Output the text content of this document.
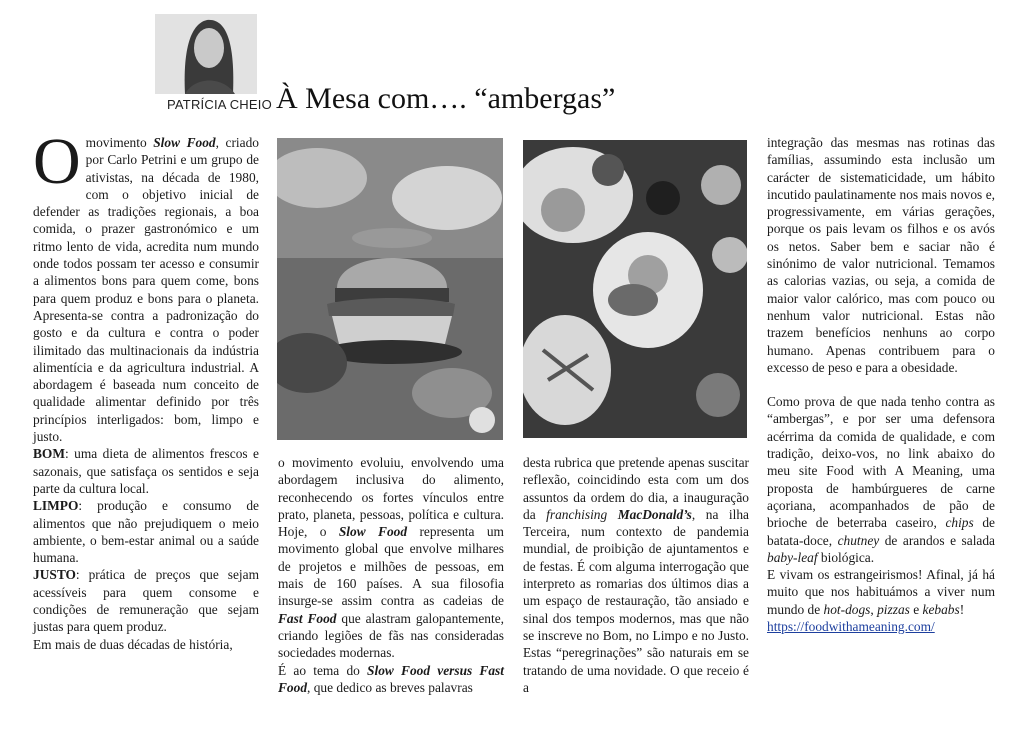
PATRÍCIA CHEIO À Mesa com…. “ambergas”

Omovimento Slow Food, criado por Carlo Petrini e um grupo de ativistas, na década de 1980, com o objetivo inicial de defender as tradições regionais, a boa comida, o prazer gastronómico e um ritmo lento de vida, acredita num mundo onde todos possam ter acesso e consumir a alimentos bons para quem come, bons para quem produz e bons para o planeta. Apresenta-se contra a padronização do gosto e da cultura e contra o poder ilimitado das multinacionais da indústria alimentícia e da agricultura industrial. A abordagem é baseada num conceito de qualidade alimentar definido por três princípios interligados: bom, limpo e justo.

BOM: uma dieta de alimentos frescos e sazonais, que satisfaça os sentidos e seja parte da cultura local.

LIMPO: produção e consumo de alimentos que não prejudiquem o meio ambiente, o bem-estar animal ou a saúde humana.

JUSTO: prática de preços que sejam acessíveis para quem consome e condições de remuneração que sejam justas para quem produz.

Em mais de duas décadas de história,

o movimento evoluiu, envolvendo uma abordagem inclusiva do alimento, reconhecendo os fortes vínculos entre prato, planeta, pessoas, política e cultura. Hoje, o Slow Food representa um movimento global que envolve milhares de projetos e milhões de pessoas, em mais de 160 países. A sua filosofia insurge-se assim contra as cadeias de Fast Food que alastram galopantemente, criando legiões de fãs nas consideradas sociedades modernas.

É ao tema do Slow Food versus Fast Food, que dedico as breves palavras

desta rubrica que pretende apenas suscitar reflexão, coincidindo esta com um dos assuntos da ordem do dia, a inauguração da franchising MacDonald’s, na ilha Terceira, num contexto de pandemia mundial, de proibição de ajuntamentos e de festas. É com alguma interrogação que interpreto as romarias dos últimos dias a um espaço de restauração, tão ansiado e sinal dos tempos modernos, mas que não se inscreve no Bom, no Limpo e no Justo. Estas “peregrinações” são naturais em se tratando de uma novidade. O que receio é a

integração das mesmas nas rotinas das famílias, assumindo esta inclusão um carácter de sistematicidade, um hábito incutido paulatinamente nos mais novos e, progressivamente, em várias gerações, porque os pais levam os filhos e os avós os netos. Saber bem e saciar não é sinónimo de valor nutricional. Temamos as calorias vazias, ou seja, a comida de maior valor calórico, mas com pouco ou nenhum valor nutricional. Estas não trazem benefícios nenhuns ao corpo humano. Apenas contribuem para o excesso de peso e para a obesidade.

Como prova de que nada tenho contra as “ambergas”, e por ser uma defensora acérrima da comida de qualidade, e com tradição, deixo-vos, no link abaixo do meu site Food with A Meaning, uma proposta de hambúrgueres de carne açoriana, acompanhados de pão de brioche de beterraba caseiro, chips de batata-doce, chutney de arandos e salada baby-leaf biológica.

E vivam os estrangeirismos! Afinal, já há muito que nos habituámos a viver num mundo de hot-dogs, pizzas e kebabs!

https://foodwithameaning.com/
